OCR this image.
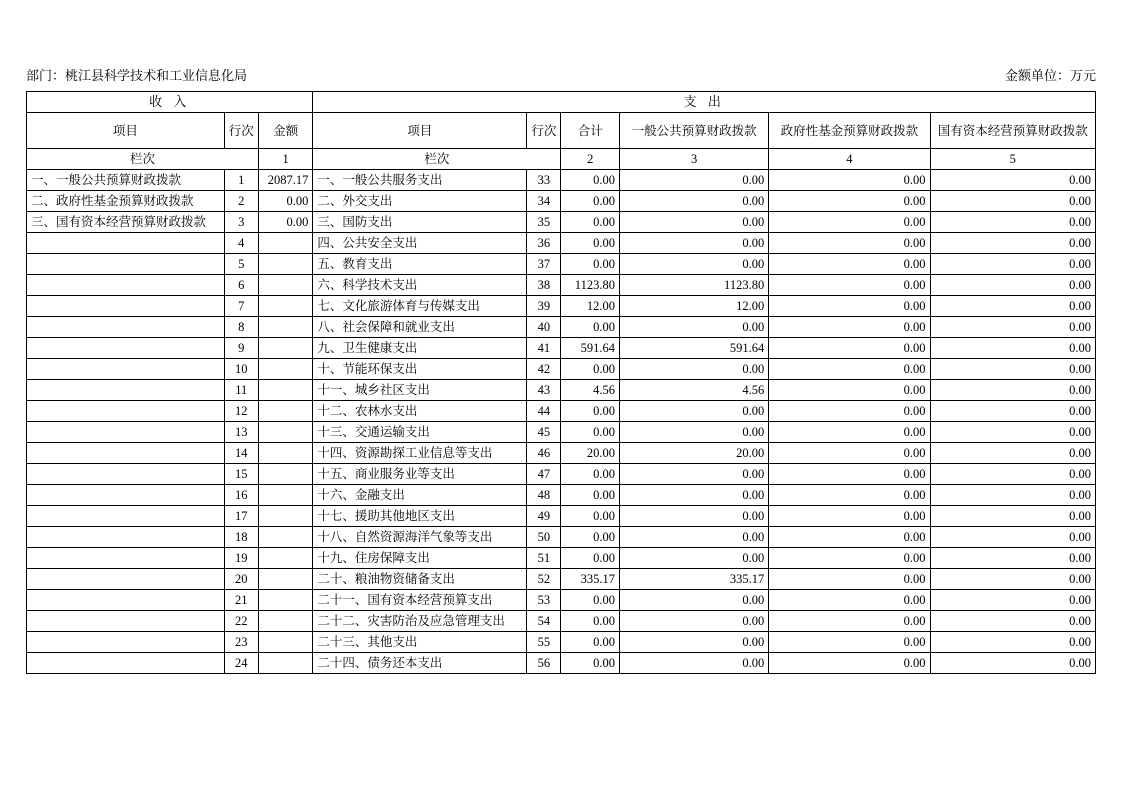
部门：桃江县科学技术和工业信息化局	金额单位：万元
收 入			支 出					
项目	行次	金额	项目	行次	合计	一般公共预算财政拨款	政府性基金预算财政拨款	国有资本经营预算财政拨款
栏次		1	栏次		2	3	4	5
一、一般公共预算财政拨款	1	2087.17	一、一般公共服务支出	33	0.00	0.00	0.00	0.00
二、政府性基金预算财政拨款	2	0.00	二、外交支出	34	0.00	0.00	0.00	0.00
三、国有资本经营预算财政拨款	3	0.00	三、国防支出	35	0.00	0.00	0.00	0.00
	4		四、公共安全支出	36	0.00	0.00	0.00	0.00
	5		五、教育支出	37	0.00	0.00	0.00	0.00
	6		六、科学技术支出	38	1123.80	1123.80	0.00	0.00
	7		七、文化旅游体育与传媒支出	39	12.00	12.00	0.00	0.00
	8		八、社会保障和就业支出	40	0.00	0.00	0.00	0.00
	9		九、卫生健康支出	41	591.64	591.64	0.00	0.00
	10		十、节能环保支出	42	0.00	0.00	0.00	0.00
	11		十一、城乡社区支出	43	4.56	4.56	0.00	0.00
	12		十二、农林水支出	44	0.00	0.00	0.00	0.00
	13		十三、交通运输支出	45	0.00	0.00	0.00	0.00
	14		十四、资源勘探工业信息等支出	46	20.00	20.00	0.00	0.00
	15		十五、商业服务业等支出	47	0.00	0.00	0.00	0.00
	16		十六、金融支出	48	0.00	0.00	0.00	0.00
	17		十七、援助其他地区支出	49	0.00	0.00	0.00	0.00
	18		十八、自然资源海洋气象等支出	50	0.00	0.00	0.00	0.00
	19		十九、住房保障支出	51	0.00	0.00	0.00	0.00
	20		二十、粮油物资储备支出	52	335.17	335.17	0.00	0.00
	21		二十一、国有资本经营预算支出	53	0.00	0.00	0.00	0.00
	22		二十二、灾害防治及应急管理支出	54	0.00	0.00	0.00	0.00
	23		二十三、其他支出	55	0.00	0.00	0.00	0.00
	24		二十四、债务还本支出	56	0.00	0.00	0.00	0.00
